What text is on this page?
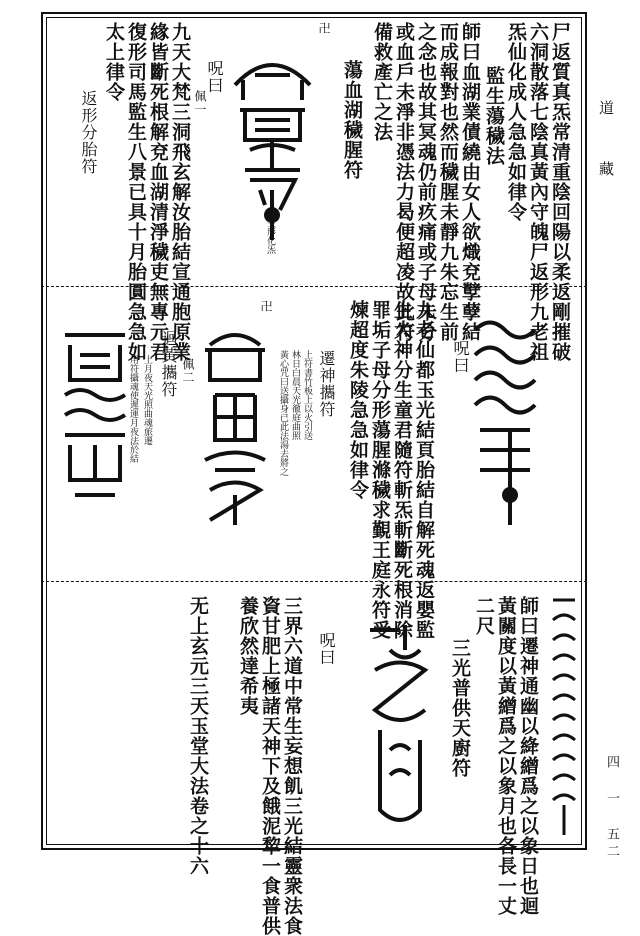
道 藏
四 一 五二
尸返質真炁常清重陰回陽以柔返剛摧破
六洞散落七陰真黃內守魄尸返形九老祖
炁仙化成人急急如律令
監生蕩穢法
師曰血湖業債繞由女人欲熾兗孼孽結
而成報對也然而穢腥未靜九朱忘生前
之念也故其冥魂仍前疚痛或子母未分
或血戶未淨非憑法力曷便超凌故此符
備救產亡之法
蕩血湖穢腥符
卍
生形化炁
呪曰
佩一
九天大梵三洞飛玄解汝胎結宣通胞原業
緣皆斷死根解兗血湖清淨穢吏無專元君
復形司馬監生八景已具十月胎圓急急如
太上律令
返形分胎符
呪曰
九老仙都玉光結頁胎結自解死魂返嬰監
生大神分生童君隨符斬炁斬斷死根消除
罪垢子母分形蕩腥滌穢求覲王庭永符受
煉超度朱陵急急如律令
遷神攜符
上符書竹板上以火引送
林日白晨天光徹庭曲照
黃心咒曰送攝身已此法湯去將之
卍
佩二
迴黃攜符
上月夜天光照曲魂旅遷
用符攝魂使遲運月夜法於結
師曰遷神通幽以絳繒爲之以象日也迴
黃關度以黃繒爲之以象月也各長一丈
二尺
三光普供天廚符
呪曰
三界六道中常生妄想飢三光結靈衆法食
資甘肥上極諸天神下及餓泥犂一食普供
養欣然達希夷
无上玄元三天玉堂大法卷之十六
